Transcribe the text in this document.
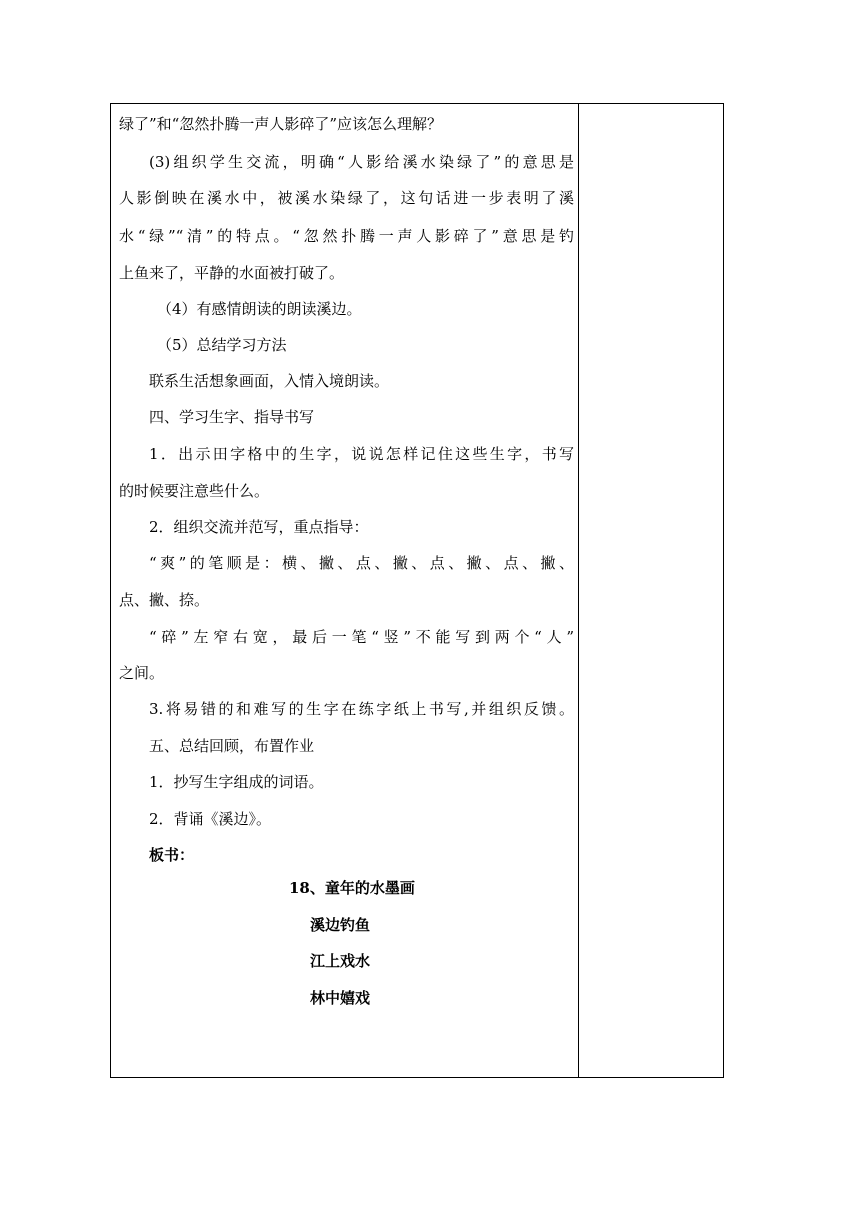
绿了”和“忽然扑腾一声人影碎了”应该怎么理解？
(3)组织学生交流，明确“人影给溪水染绿了”的意思是
人影倒映在溪水中，被溪水染绿了，这句话进一步表明了溪
水“绿”“清”的特点。“忽然扑腾一声人影碎了”意思是钓
上鱼来了，平静的水面被打破了。
（4）有感情朗读的朗读溪边。
（5）总结学习方法
联系生活想象画面，入情入境朗读。
四、学习生字、指导书写
1．出示田字格中的生字，说说怎样记住这些生字，书写
的时候要注意些什么。
2．组织交流并范写，重点指导：
“爽”的笔顺是：横、撇、点、撇、点、撇、点、撇、
点、撇、捺。
“碎”左窄右宽，最后一笔“竖”不能写到两个“人”
之间。
3.将易错的和难写的生字在练字纸上书写,并组织反馈。
五、总结回顾，布置作业
1．抄写生字组成的词语。
2．背诵《溪边》。
板书：
18、童年的水墨画
溪边钓鱼
江上戏水
林中嬉戏
